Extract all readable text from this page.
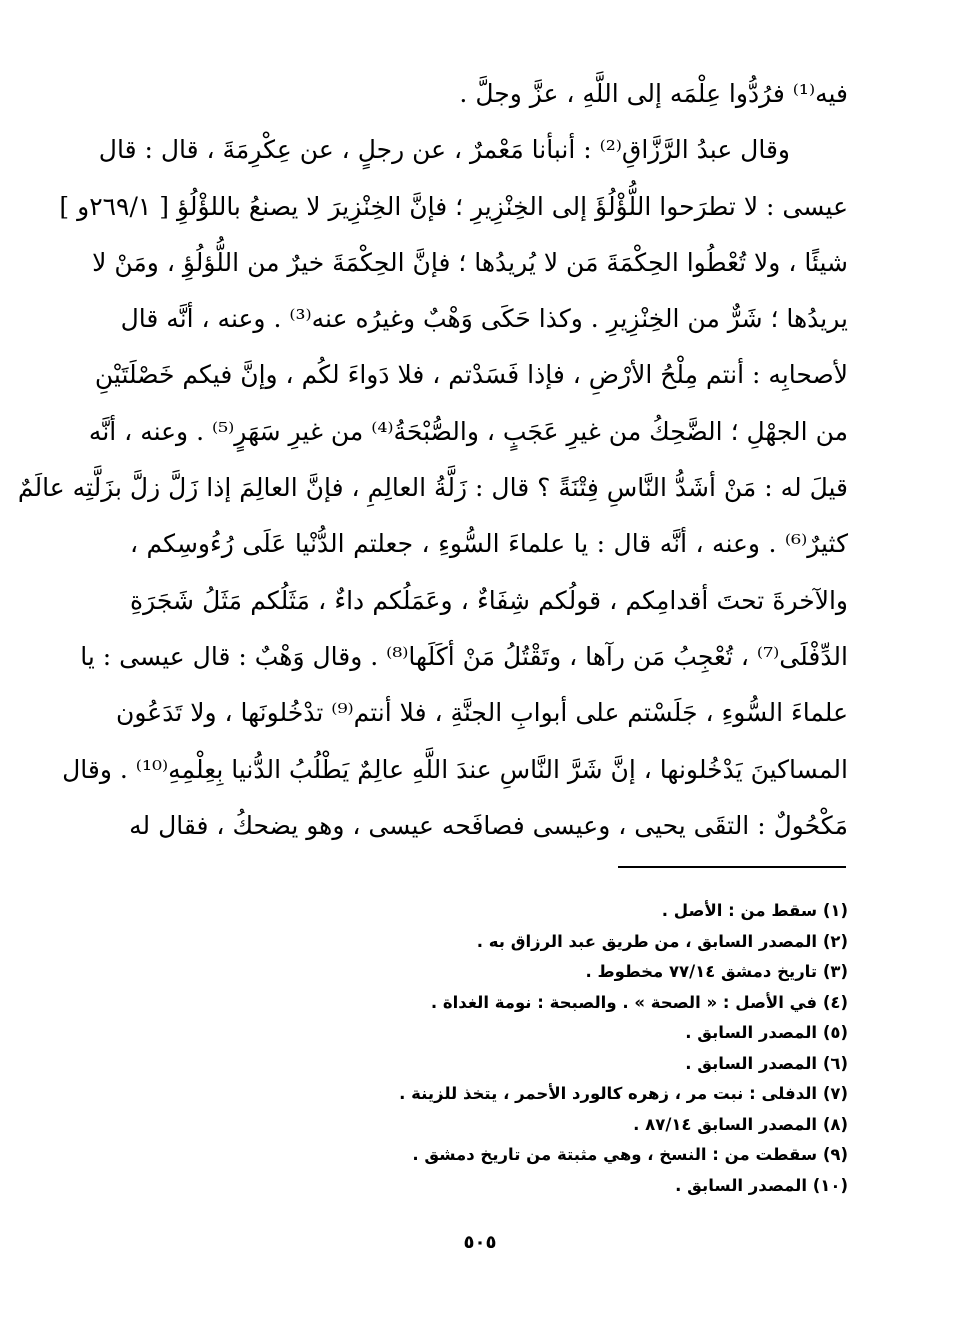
فيه⁽¹⁾ فرُدُّوا عِلْمَه إلى اللَّهِ ، عزَّ وجلَّ .
وقال عبدُ الرَّزَّاقِ⁽²⁾ : أنبأنا مَعْمرٌ ، عن رجلٍ ، عن عِكْرِمَةَ ، قال : قال
عيسى : لا تطرَحوا اللُّؤْلُؤَ إلى الخِنْزِيرِ ؛ فإنَّ الخِنْزِيرَ لا يصنعُ باللؤْلُؤِ [ ٢٦٩/١و ]
شيئًا ، ولا تُعْطُوا الحِكْمَةَ مَن لا يُريدُها ؛ فإنَّ الحِكْمَةَ خيرٌ من اللُّؤلُؤِ ، ومَنْ لا
يريدُها ؛ شَرٌّ من الخِنْزِيرِ . وكذا حَكَى وَهْبٌ وغيرُه عنه⁽³⁾ . وعنه ، أنَّه قال
لأصحابِه : أنتم مِلْحُ الأرْضِ ، فإذا فَسَدْتم ، فلا دَواءَ لكُم ، وإنَّ فيكم خَصْلَتَيْنِ
من الجهْلِ ؛ الضَّحِكُ من غيرِ عَجَبٍ ، والصُّبْحَةُ⁽⁴⁾ من غيرِ سَهَرٍ⁽⁵⁾ . وعنه ، أنَّه
قيلَ له : مَنْ أشَدُّ النَّاسِ فِتْنَةً ؟ قال : زَلَّةُ العالِمِ ، فإنَّ العالِمَ إذا زَلَّ زلَّ بزَلَّتِه عالَمٌ
كثيرٌ⁽⁶⁾ . وعنه ، أنَّه قال : يا علماءَ السُّوءِ ، جعلتم الدُّنْيا عَلَى رُءُوسِكم ،
والآخرةَ تحتَ أقدامِكم ، قولُكم شِفَاءٌ ، وعَمَلُكم داءٌ ، مَثَلُكم مَثَلُ شَجَرَةِ
الدِّفْلَى⁽⁷⁾ ، تُعْجِبُ مَن رآها ، وتَقْتُلُ مَنْ أكَلَها⁽⁸⁾ . وقال وَهْبٌ : قال عيسى : يا
علماءَ السُّوءِ ، جَلَسْتم على أبوابِ الجنَّةِ ، فلا أنتم⁽⁹⁾ تدْخُلونَها ، ولا تَدَعُون
المساكينَ يَدْخُلونها ، إنَّ شَرَّ النَّاسِ عندَ اللَّهِ عالِمٌ يَطْلُبُ الدُّنيا بِعِلْمِهِ⁽¹⁰⁾ . وقال
مَكْحُولٌ : التقَى يحيى ، وعيسى فصافَحه عيسى ، وهو يضحكُ ، فقال له
(١) سقط من : الأصل .
(٢) المصدر السابق ، من طريق عبد الرزاق به .
(٣) تاريخ دمشق ٧٧/١٤ مخطوط .
(٤) في الأصل : « الصحة » . والصبحة : نومة الغداة .
(٥) المصدر السابق .
(٦) المصدر السابق .
(٧) الدفلى : نبت مر ، زهره كالورد الأحمر ، يتخذ للزينة .
(٨) المصدر السابق ٨٧/١٤ .
(٩) سقطت من : النسخ ، وهي مثبتة من تاريخ دمشق .
(١٠) المصدر السابق .
٥٠٥
